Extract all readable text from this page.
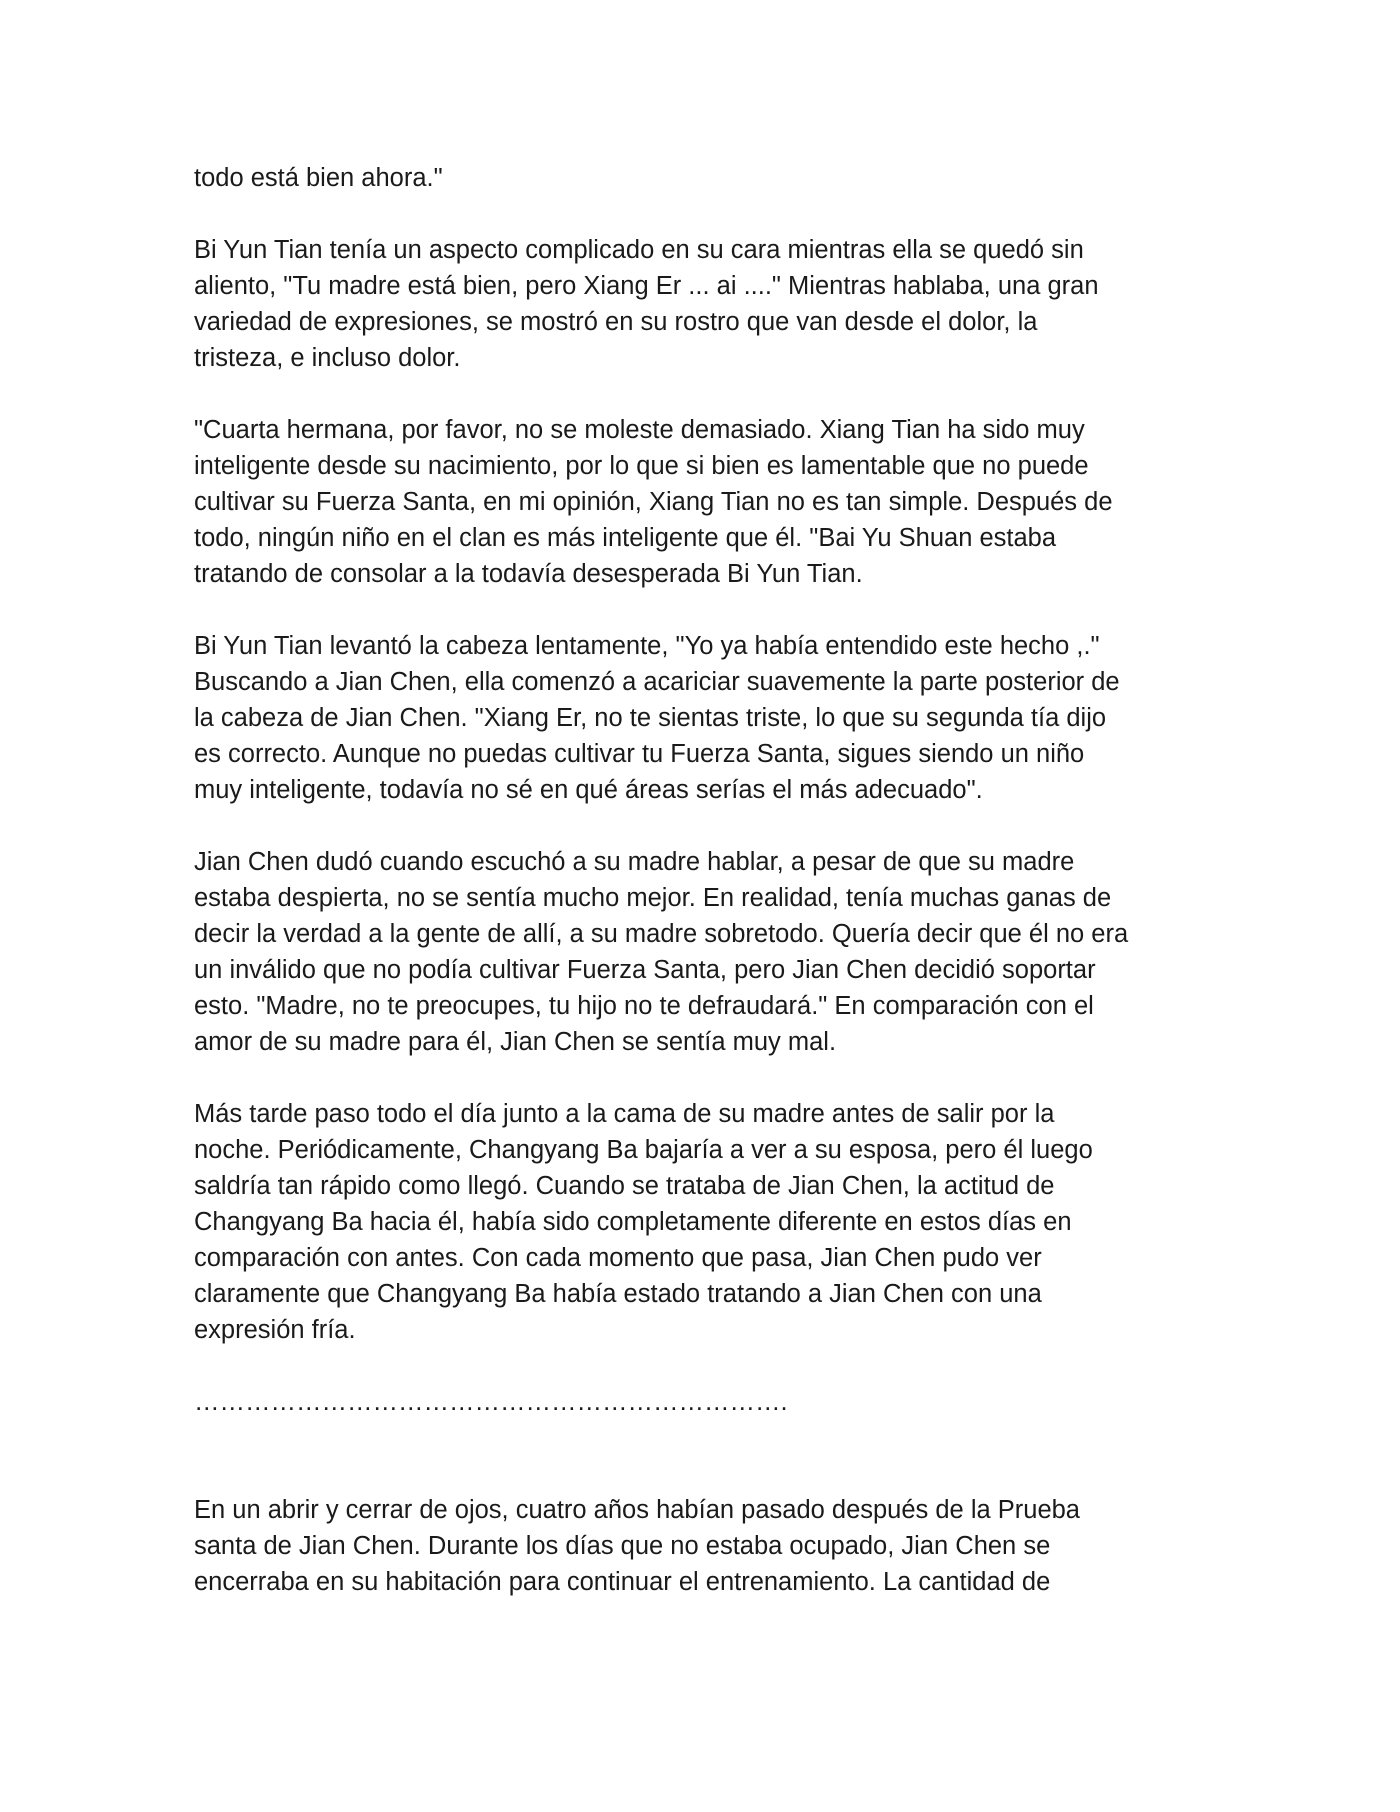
todo está bien ahora."

Bi Yun Tian tenía un aspecto complicado en su cara mientras ella se quedó sin
aliento, "Tu madre está bien, pero Xiang Er ... ai ...." Mientras hablaba, una gran
variedad de expresiones, se mostró en su rostro que van desde el dolor, la
tristeza, e incluso dolor.

"Cuarta hermana, por favor, no se moleste demasiado. Xiang Tian ha sido muy
inteligente desde su nacimiento, por lo que si bien es lamentable que no puede
cultivar su Fuerza Santa, en mi opinión, Xiang Tian no es tan simple. Después de
todo, ningún niño en el clan es más inteligente que él. "Bai Yu Shuan estaba
tratando de consolar a la todavía desesperada Bi Yun Tian.

Bi Yun Tian levantó la cabeza lentamente, "Yo ya había entendido este hecho ,."
Buscando a Jian Chen, ella comenzó a acariciar suavemente la parte posterior de
la cabeza de Jian Chen. "Xiang Er, no te sientas triste, lo que su segunda tía dijo
es correcto. Aunque no puedas cultivar tu Fuerza Santa, sigues siendo un niño
muy inteligente, todavía no sé en qué áreas serías el más adecuado".

Jian Chen dudó cuando escuchó a su madre hablar, a pesar de que su madre
estaba despierta, no se sentía mucho mejor. En realidad, tenía muchas ganas de
decir la verdad a la gente de allí, a su madre sobretodo. Quería decir que él no era
un inválido que no podía cultivar Fuerza Santa, pero Jian Chen decidió soportar
esto. "Madre, no te preocupes, tu hijo no te defraudará." En comparación con el
amor de su madre para él, Jian Chen se sentía muy mal.

Más tarde paso todo el día junto a la cama de su madre antes de salir por la
noche. Periódicamente, Changyang Ba bajaría a ver a su esposa, pero él luego
saldría tan rápido como llegó. Cuando se trataba de Jian Chen, la actitud de
Changyang Ba hacia él, había sido completamente diferente en estos días en
comparación con antes. Con cada momento que pasa, Jian Chen pudo ver
claramente que Changyang Ba había estado tratando a Jian Chen con una
expresión fría.

…………………………………………………………….

En un abrir y cerrar de ojos, cuatro años habían pasado después de la Prueba
santa de Jian Chen. Durante los días que no estaba ocupado, Jian Chen se
encerraba en su habitación para continuar el entrenamiento. La cantidad de
